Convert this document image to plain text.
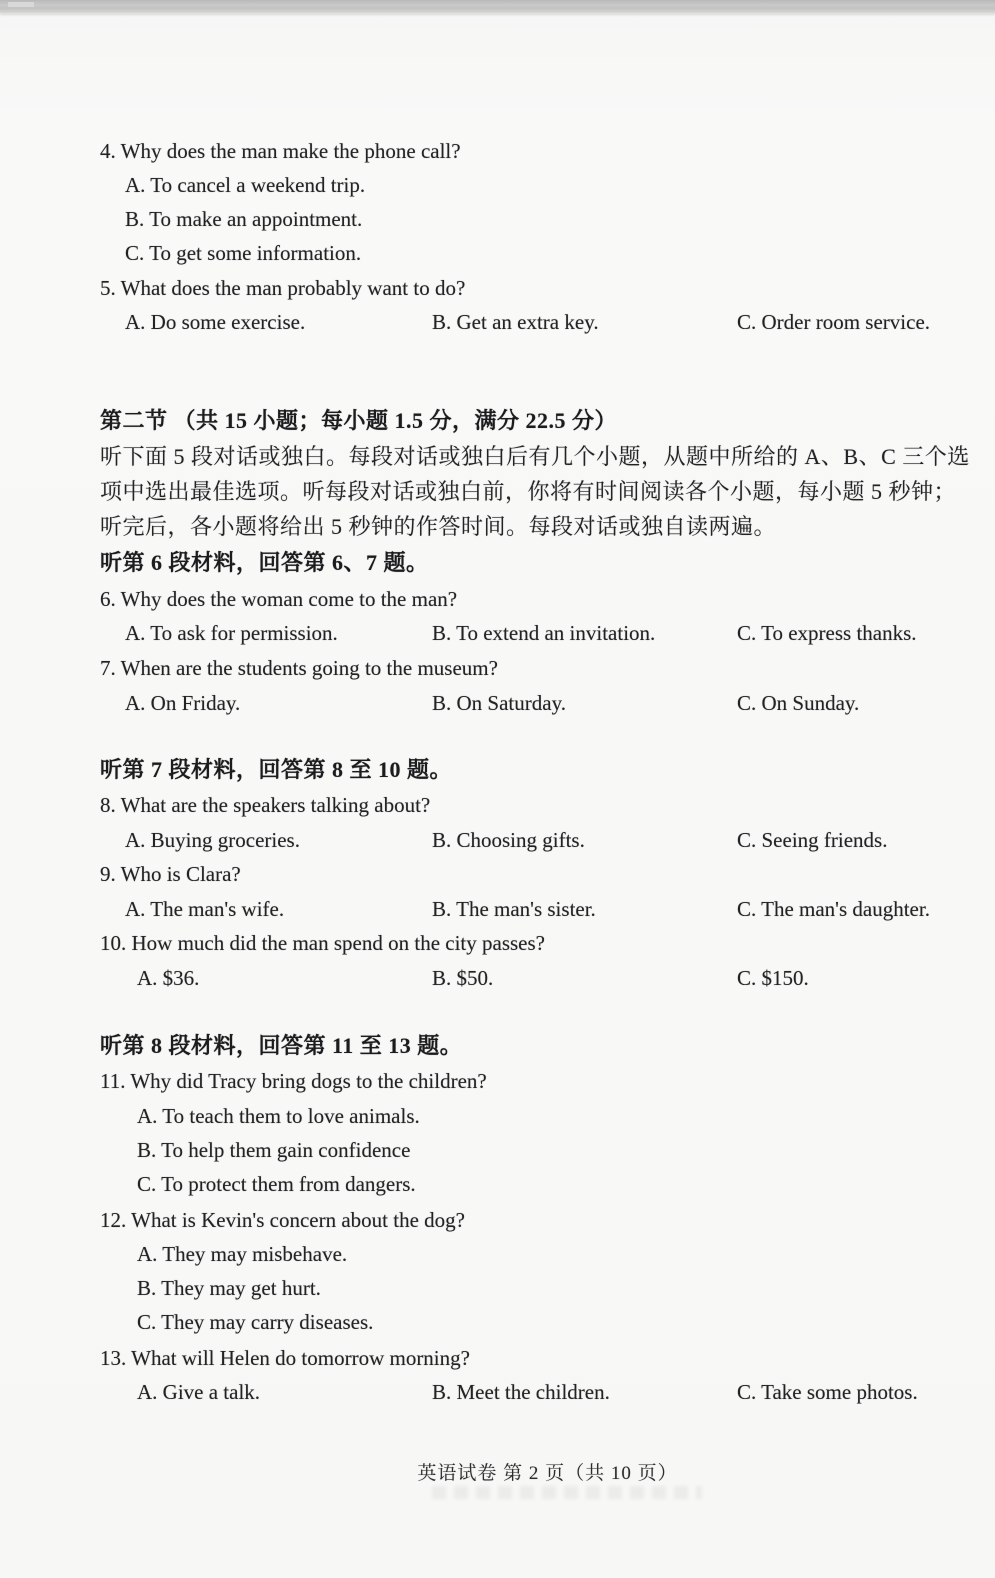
4. Why does the man make the phone call?
A. To cancel a weekend trip.
B. To make an appointment.
C. To get some information.
5. What does the man probably want to do?
A. Do some exercise.	B. Get an extra key.	C. Order room service.
第二节 （共 15 小题；每小题 1.5 分，满分 22.5 分）
听下面 5 段对话或独白。每段对话或独白后有几个小题，从题中所给的 A、B、C 三个选
项中选出最佳选项。听每段对话或独白前，你将有时间阅读各个小题，每小题 5 秒钟；
听完后，各小题将给出 5 秒钟的作答时间。每段对话或独自读两遍。
听第 6 段材料，回答第 6、7 题。
6. Why does the woman come to the man?
A. To ask for permission.	B. To extend an invitation.	C. To express thanks.
7. When are the students going to the museum?
A. On Friday.	B. On Saturday.	C. On Sunday.
听第 7 段材料，回答第 8 至 10 题。
8. What are the speakers talking about?
A. Buying groceries.	B. Choosing gifts.	C. Seeing friends.
9. Who is Clara?
A. The man's wife.	B. The man's sister.	C. The man's daughter.
10. How much did the man spend on the city passes?
A. $36.	B. $50.	C. $150.
听第 8 段材料，回答第 11 至 13 题。
11. Why did Tracy bring dogs to the children?
A. To teach them to love animals.
B. To help them gain confidence
C. To protect them from dangers.
12. What is Kevin's concern about the dog?
A. They may misbehave.
B. They may get hurt.
C. They may carry diseases.
13. What will Helen do tomorrow morning?
A. Give a talk.	B. Meet the children.	C. Take some photos.
英语试卷 第 2 页（共 10 页）
